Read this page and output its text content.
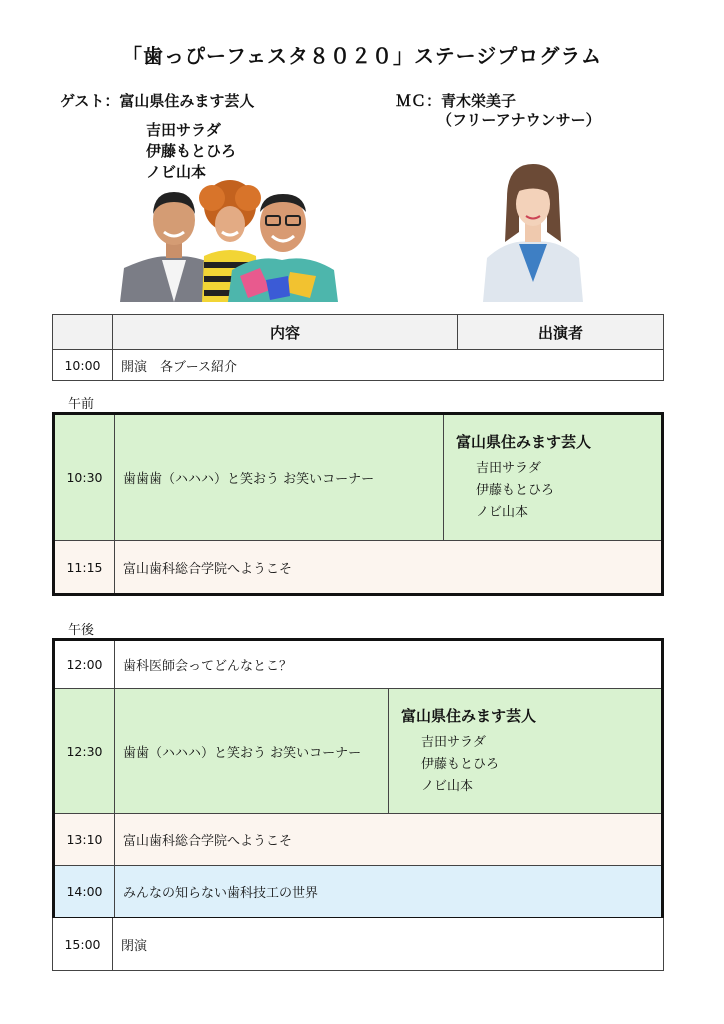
「歯っぴーフェスタ８０２０」ステージプログラム
ゲスト：富山県住みます芸人
吉田サラダ
伊藤もとひろ
ノビ山本
ＭＣ：青木栄美子
（フリーアナウンサー）
	内容	出演者
10:00	開演　各ブース紹介	
午前
10:30	歯歯歯（ハハハ）と笑おう お笑いコーナー	富山県住みます芸人
吉田サラダ
伊藤もとひろ
ノビ山本

11:15	富山歯科総合学院へようこそ	
午後
12:00	歯科医師会ってどんなとこ？	
12:30	歯歯（ハハハ）と笑おう お笑いコーナー	富山県住みます芸人
吉田サラダ
伊藤もとひろ
ノビ山本

13:10	富山歯科総合学院へようこそ	
14:00	みんなの知らない歯科技工の世界	
15:00	閉演
